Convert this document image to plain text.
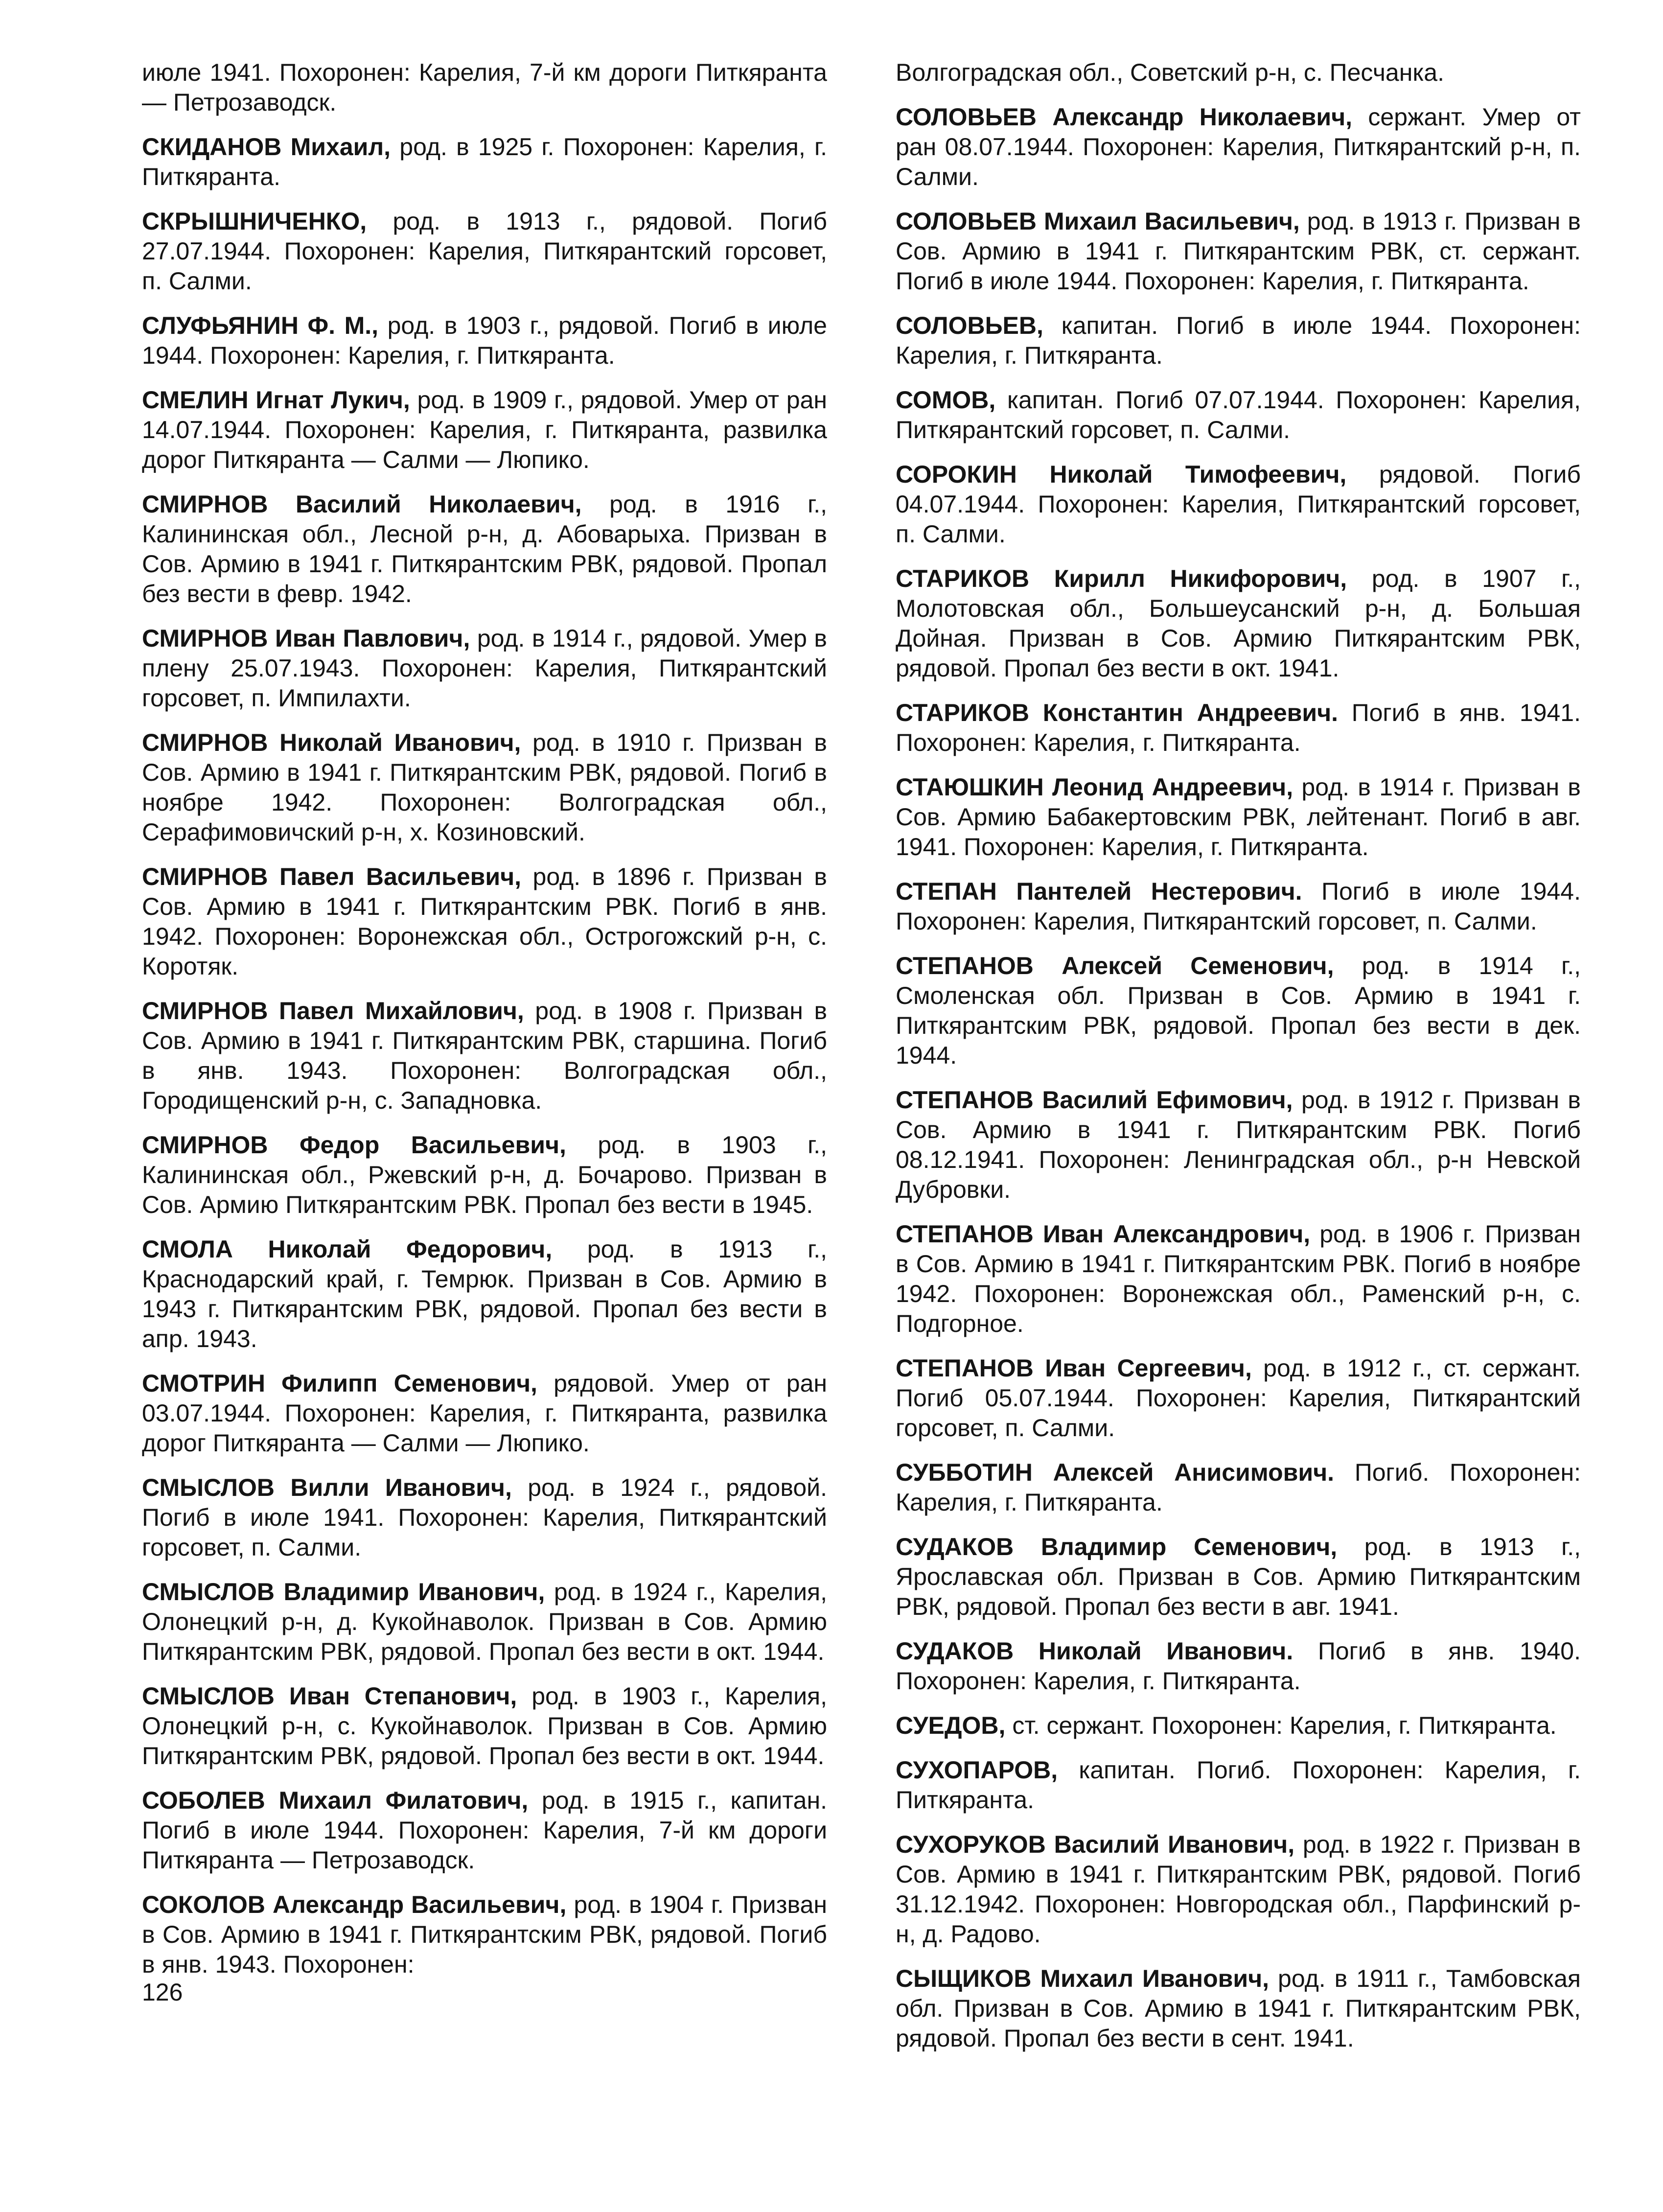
июле 1941. Похоронен: Карелия, 7-й км дороги Питкяранта — Петрозаводск.

СКИДАНОВ Михаил, род. в 1925 г. Похоронен: Карелия, г. Питкяранта.

СКРЫШНИЧЕНКО, род. в 1913 г., рядовой. Погиб 27.07.1944. Похоронен: Карелия, Питкярантский горсовет, п. Салми.

СЛУФЬЯНИН Ф. М., род. в 1903 г., рядовой. Погиб в июле 1944. Похоронен: Карелия, г. Питкяранта.

СМЕЛИН Игнат Лукич, род. в 1909 г., рядовой. Умер от ран 14.07.1944. Похоронен: Карелия, г. Питкяранта, развилка дорог Питкяранта — Салми — Люпико.

СМИРНОВ Василий Николаевич, род. в 1916 г., Калининская обл., Лесной р-н, д. Абоварыха. Призван в Сов. Армию в 1941 г. Питкярантским РВК, рядовой. Пропал без вести в февр. 1942.

СМИРНОВ Иван Павлович, род. в 1914 г., рядовой. Умер в плену 25.07.1943. Похоронен: Карелия, Питкярантский горсовет, п. Импилахти.

СМИРНОВ Николай Иванович, род. в 1910 г. Призван в Сов. Армию в 1941 г. Питкярантским РВК, рядовой. Погиб в ноябре 1942. Похоронен: Волгоградская обл., Серафимовичский р-н, х. Козиновский.

СМИРНОВ Павел Васильевич, род. в 1896 г. Призван в Сов. Армию в 1941 г. Питкярантским РВК. Погиб в янв. 1942. Похоронен: Воронежская обл., Острогожский р-н, с. Коротяк.

СМИРНОВ Павел Михайлович, род. в 1908 г. Призван в Сов. Армию в 1941 г. Питкярантским РВК, старшина. Погиб в янв. 1943. Похоронен: Волгоградская обл., Городищенский р-н, с. Западновка.

СМИРНОВ Федор Васильевич, род. в 1903 г., Калининская обл., Ржевский р-н, д. Бочарово. Призван в Сов. Армию Питкярантским РВК. Пропал без вести в 1945.

СМОЛА Николай Федорович, род. в 1913 г., Краснодарский край, г. Темрюк. Призван в Сов. Армию в 1943 г. Питкярантским РВК, рядовой. Пропал без вести в апр. 1943.

СМОТРИН Филипп Семенович, рядовой. Умер от ран 03.07.1944. Похоронен: Карелия, г. Питкяранта, развилка дорог Питкяранта — Салми — Люпико.

СМЫСЛОВ Вилли Иванович, род. в 1924 г., рядовой. Погиб в июле 1941. Похоронен: Карелия, Питкярантский горсовет, п. Салми.

СМЫСЛОВ Владимир Иванович, род. в 1924 г., Карелия, Олонецкий р-н, д. Кукойнаволок. Призван в Сов. Армию Питкярантским РВК, рядовой. Пропал без вести в окт. 1944.

СМЫСЛОВ Иван Степанович, род. в 1903 г., Карелия, Олонецкий р-н, с. Кукойнаволок. Призван в Сов. Армию Питкярантским РВК, рядовой. Пропал без вести в окт. 1944.

СОБОЛЕВ Михаил Филатович, род. в 1915 г., капитан. Погиб в июле 1944. Похоронен: Карелия, 7-й км дороги Питкяранта — Петрозаводск.

СОКОЛОВ Александр Васильевич, род. в 1904 г. Призван в Сов. Армию в 1941 г. Питкярантским РВК, рядовой. Погиб в янв. 1943. Похоронен:

Волгоградская обл., Советский р-н, с. Песчанка.

СОЛОВЬЕВ Александр Николаевич, сержант. Умер от ран 08.07.1944. Похоронен: Карелия, Питкярантский р-н, п. Салми.

СОЛОВЬЕВ Михаил Васильевич, род. в 1913 г. Призван в Сов. Армию в 1941 г. Питкярантским РВК, ст. сержант. Погиб в июле 1944. Похоронен: Карелия, г. Питкяранта.

СОЛОВЬЕВ, капитан. Погиб в июле 1944. Похоронен: Карелия, г. Питкяранта.

СОМОВ, капитан. Погиб 07.07.1944. Похоронен: Карелия, Питкярантский горсовет, п. Салми.

СОРОКИН Николай Тимофеевич, рядовой. Погиб 04.07.1944. Похоронен: Карелия, Питкярантский горсовет, п. Салми.

СТАРИКОВ Кирилл Никифорович, род. в 1907 г., Молотовская обл., Большеусанский р-н, д. Большая Дойная. Призван в Сов. Армию Питкярантским РВК, рядовой. Пропал без вести в окт. 1941.

СТАРИКОВ Константин Андреевич. Погиб в янв. 1941. Похоронен: Карелия, г. Питкяранта.

СТАЮШКИН Леонид Андреевич, род. в 1914 г. Призван в Сов. Армию Бабакертовским РВК, лейтенант. Погиб в авг. 1941. Похоронен: Карелия, г. Питкяранта.

СТЕПАН Пантелей Нестерович. Погиб в июле 1944. Похоронен: Карелия, Питкярантский горсовет, п. Салми.

СТЕПАНОВ Алексей Семенович, род. в 1914 г., Смоленская обл. Призван в Сов. Армию в 1941 г. Питкярантским РВК, рядовой. Пропал без вести в дек. 1944.

СТЕПАНОВ Василий Ефимович, род. в 1912 г. Призван в Сов. Армию в 1941 г. Питкярантским РВК. Погиб 08.12.1941. Похоронен: Ленинградская обл., р-н Невской Дубровки.

СТЕПАНОВ Иван Александрович, род. в 1906 г. Призван в Сов. Армию в 1941 г. Питкярантским РВК. Погиб в ноябре 1942. Похоронен: Воронежская обл., Раменский р-н, с. Подгорное.

СТЕПАНОВ Иван Сергеевич, род. в 1912 г., ст. сержант. Погиб 05.07.1944. Похоронен: Карелия, Питкярантский горсовет, п. Салми.

СУББОТИН Алексей Анисимович. Погиб. Похоронен: Карелия, г. Питкяранта.

СУДАКОВ Владимир Семенович, род. в 1913 г., Ярославская обл. Призван в Сов. Армию Питкярантским РВК, рядовой. Пропал без вести в авг. 1941.

СУДАКОВ Николай Иванович. Погиб в янв. 1940. Похоронен: Карелия, г. Питкяранта.

СУЕДОВ, ст. сержант. Похоронен: Карелия, г. Питкяранта.

СУХОПАРОВ, капитан. Погиб. Похоронен: Карелия, г. Питкяранта.

СУХОРУКОВ Василий Иванович, род. в 1922 г. Призван в Сов. Армию в 1941 г. Питкярантским РВК, рядовой. Погиб 31.12.1942. Похоронен: Новгородская обл., Парфинский р-н, д. Радово.

СЫЩИКОВ Михаил Иванович, род. в 1911 г., Тамбовская обл. Призван в Сов. Армию в 1941 г. Питкярантским РВК, рядовой. Пропал без вести в сент. 1941.

126
